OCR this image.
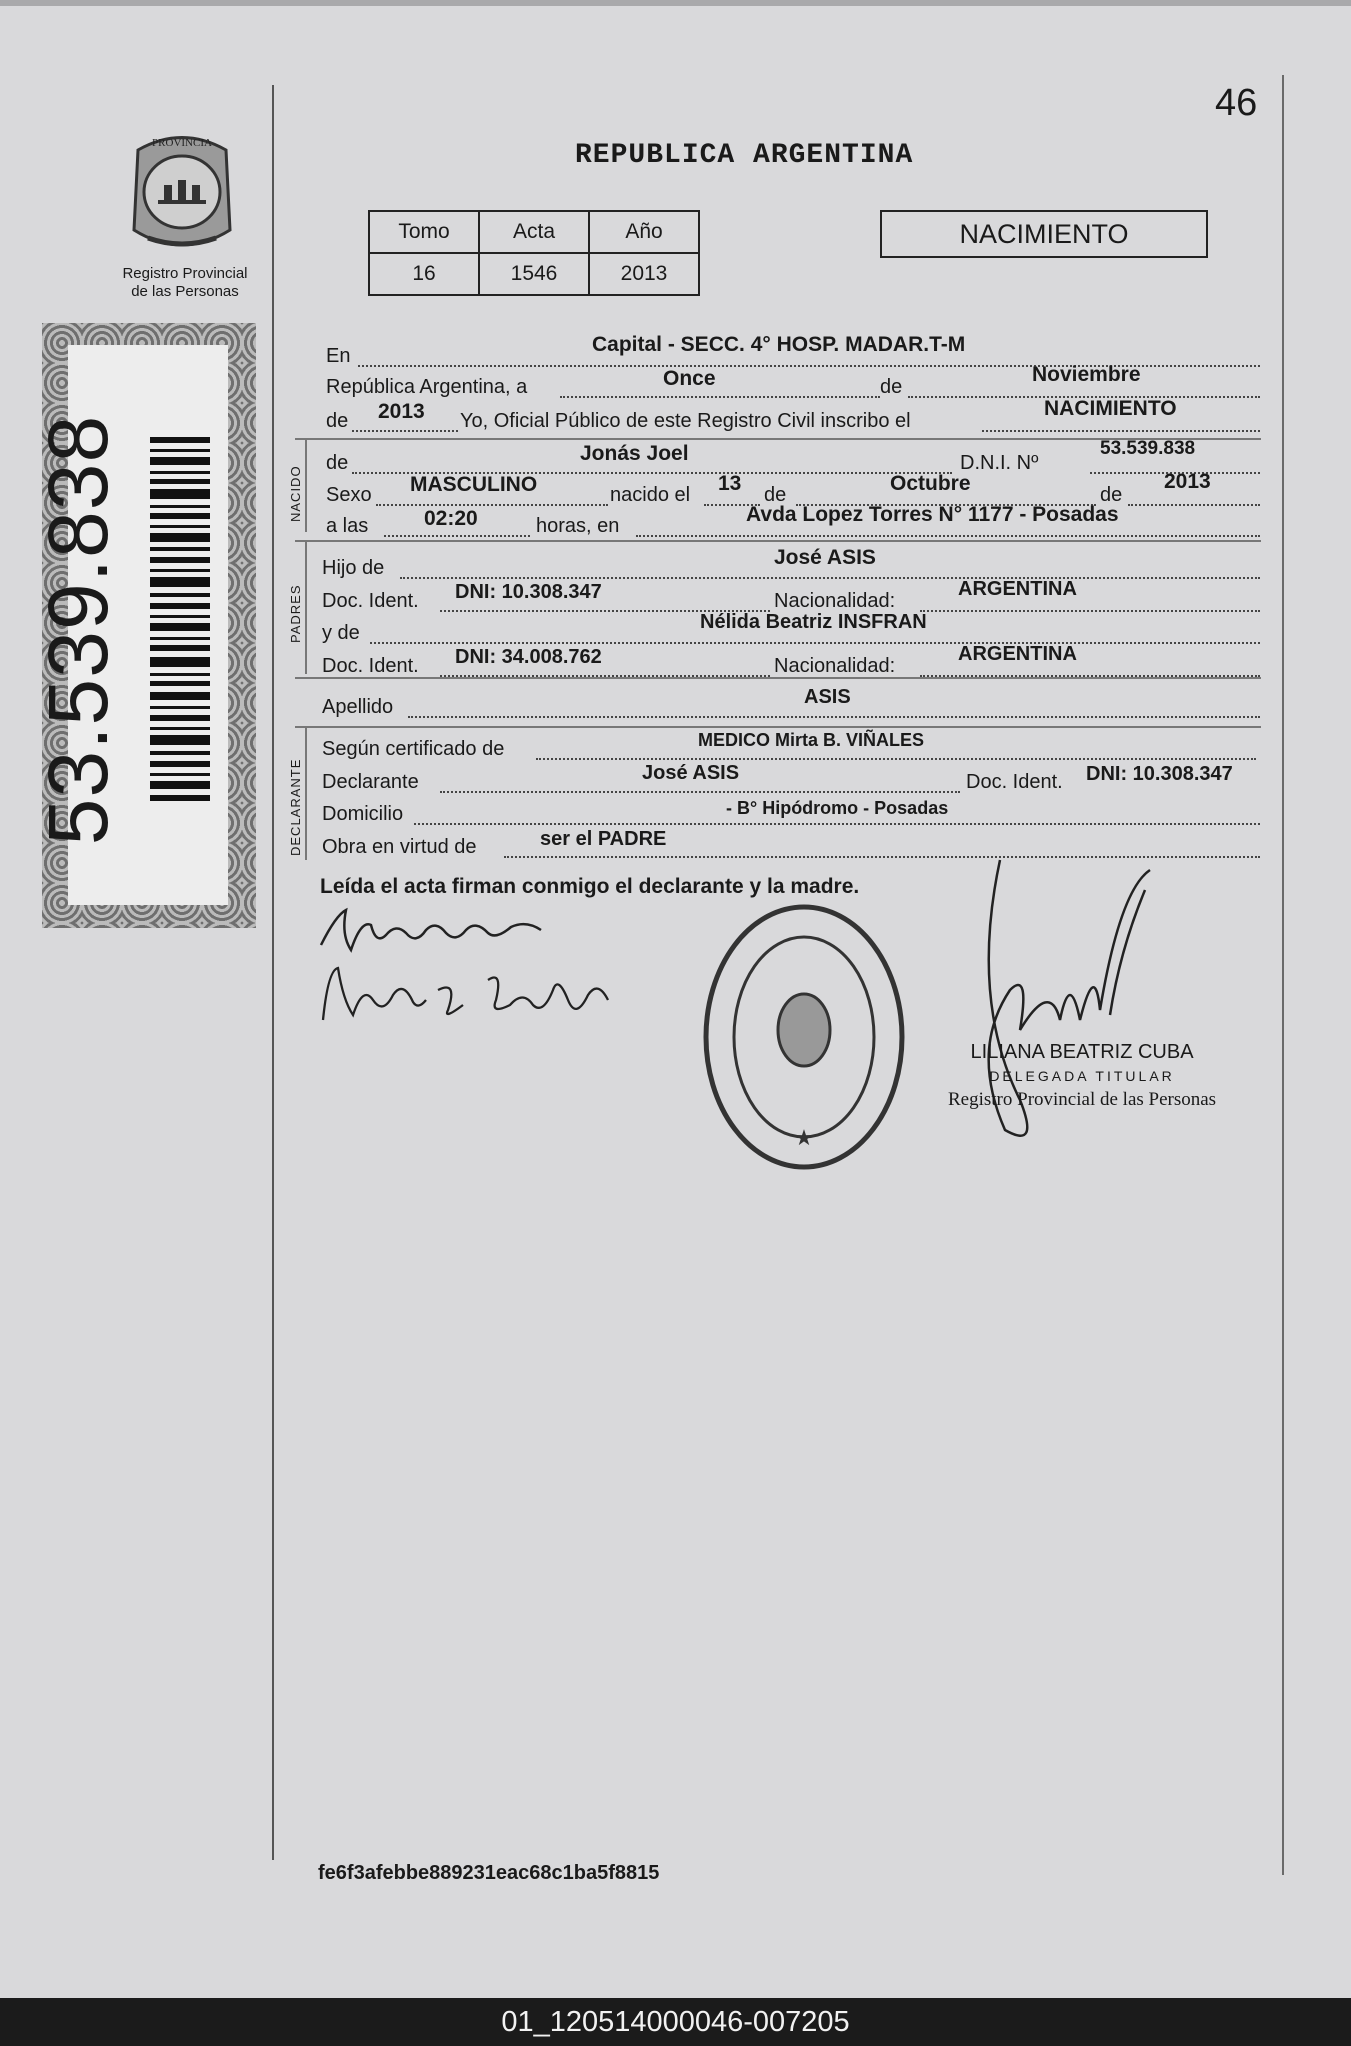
46
PROVINCIA
Registro Provincial
de las Personas
53.539.838
REPUBLICA ARGENTINA
Tomo	Acta	Año
16	1546	2013
NACIMIENTO
En	Capital - SECC. 4° HOSP. MADAR.T-M
República Argentina, a	Once	de
Noviembre
de 2013 Yo, Oficial Público de este Registro Civil inscribo el
NACIMIENTO
NACIDO
de	Jonás Joel	D.N.I. Nº
53.539.838
Sexo MASCULINO	nacido el 13 de	Octubre	de
2013
a las	02:20	horas, en	Avda Lopez Torres N° 1177 - Posadas
PADRES
Hijo de	José ASIS
Doc. Ident. DNI: 10.308.347	Nacionalidad:
ARGENTINA
y de	Nélida Beatriz INSFRAN
Doc. Ident. DNI: 34.008.762	Nacionalidad:
ARGENTINA
Apellido	ASIS
DECLARANTE
Según certificado de	MEDICO Mirta B. VIÑALES
Declarante	José ASIS	Doc. Ident. DNI: 10.308.347
Domicilio	- B° Hipódromo - Posadas
Obra en virtud de	ser el PADRE
Leída el acta firman conmigo el declarante y la madre.
★
LILIANA BEATRIZ CUBA
DELEGADA TITULAR
Registro Provincial de las Personas
fe6f3afebbe889231eac68c1ba5f8815
01_120514000046-007205
